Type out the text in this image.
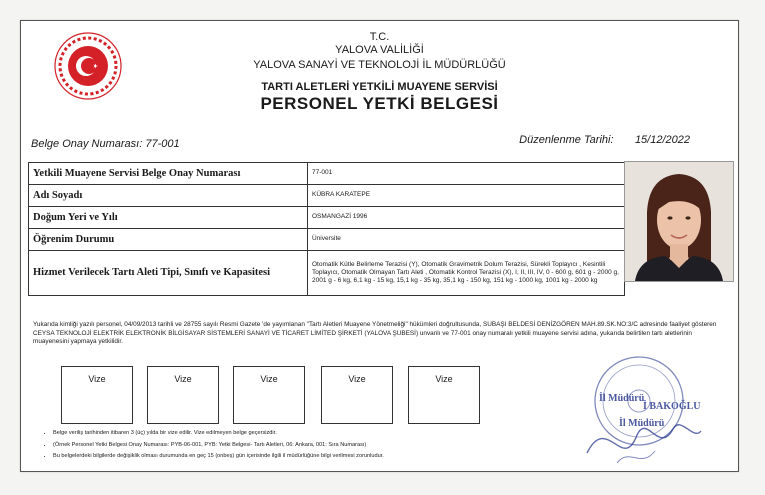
T.C.
YALOVA VALİLİĞİ
YALOVA SANAYİ VE TEKNOLOJİ İL MÜDÜRLÜĞÜ
TARTI ALETLERİ YETKİLİ MUAYENE SERVİSİ
PERSONEL YETKİ BELGESİ
Belge Onay Numarası: 77-001	Düzenlenme Tarihi: 15/12/2022
Yetkili Muayene Servisi Belge Onay Numarası	77-001
Adı Soyadı	KÜBRA KARATEPE
Doğum Yeri ve Yılı	OSMANGAZİ 1996
Öğrenim Durumu	Üniversite
Hizmet Verilecek Tartı Aleti Tipi, Sınıfı ve Kapasitesi	Otomatik Kütle Belirleme Terazisi (Y), Otomatik Gravimetrik Dolum Terazisi, Sürekli Toplayıcı , Kesintili Toplayıcı, Otomatik Olmayan Tartı Aleti , Otomatik Kontrol Terazisi (X), I, II, III, IV, 0 - 600 g, 601 g - 2000 g, 2001 g - 6 kg, 6,1 kg - 15 kg, 15,1 kg - 35 kg, 35,1 kg - 150 kg, 151 kg - 1000 kg, 1001 kg - 2000 kg
Yukarıda kimliği yazılı personel, 04/09/2013 tarihli ve 28755 sayılı Resmi Gazete 'de yayımlanan "Tartı Aletleri Muayene Yönetmeliği" hükümleri doğrultusunda, SUBAŞI BELDESİ DENİZGÖREN MAH.89.SK.NO:3/C adresinde faaliyet gösteren CEYSA TEKNOLOJİ ELEKTRİK ELEKTRONİK BİLGİSAYAR SİSTEMLERİ SANAYİ VE TİCARET LİMİTED ŞİRKETİ (YALOVA ŞUBESİ) unvanlı ve 77-001 onay numaralı yetkili muayene servisi adına, yukarıda belirtilen tartı aletlerinin muayenesini yapmaya yetkilidir.
Vize	Vize	Vize	Vize	Vize
• Belge veriliş tarihinden itibaren 3 (üç) yılda bir vize edilir. Vize edilmeyen belge geçersizdir.
• (Örnek Personel Yetki Belgesi Onay Numarası: PYB-06-001, PYB: Yetki Belgesi- Tartı Aletleri, 06: Ankara, 001: Sıra Numarası)
• Bu belgelerdeki bilgilerde değişiklik olması durumunda en geç 15 (onbeş) gün içerisinde ilgili il müdürlüğüne bilgi verilmesi zorunludur.
İl Müdürü
İ BAKOĞLU
İl Müdürü
